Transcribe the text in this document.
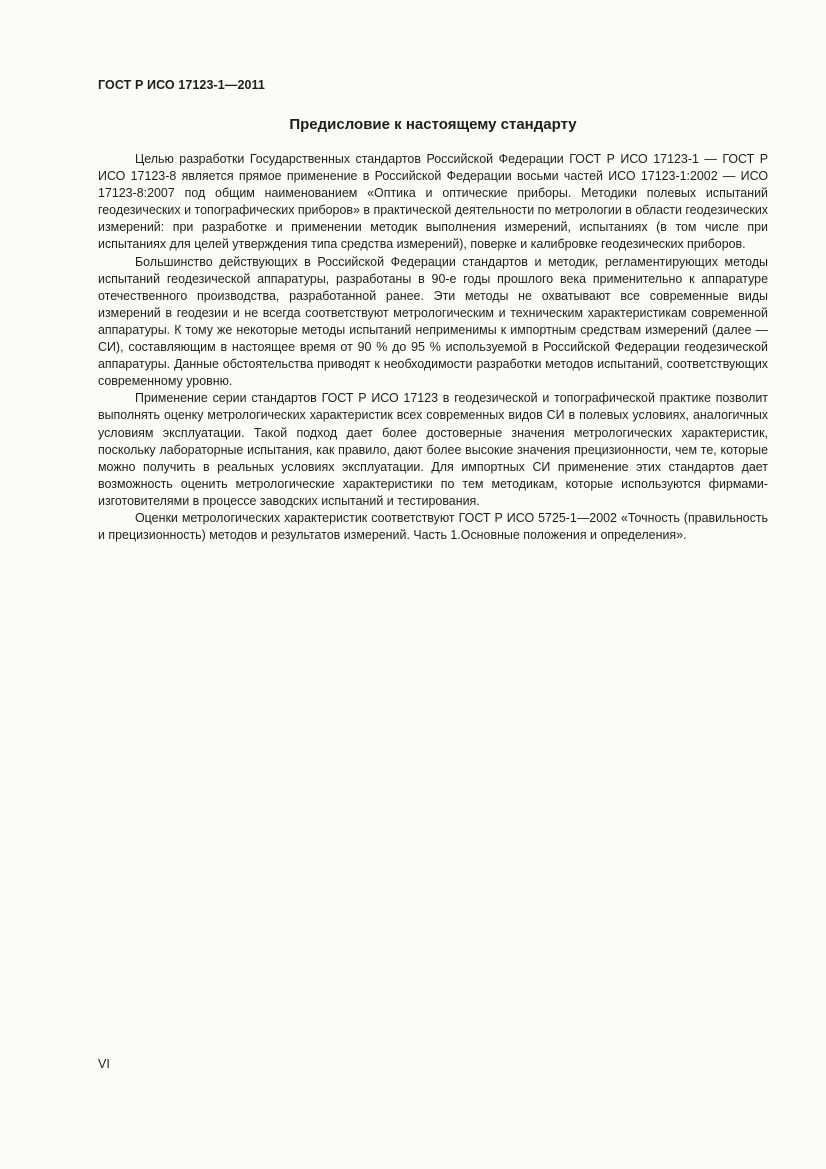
ГОСТ Р ИСО 17123-1—2011
Предисловие к настоящему стандарту

Целью разработки Государственных стандартов Российской Федерации ГОСТ Р ИСО 17123-1 — ГОСТ Р ИСО 17123-8 является прямое применение в Российской Федерации восьми частей ИСО 17123-1:2002 — ИСО 17123-8:2007 под общим наименованием «Оптика и оптические приборы. Методики полевых испытаний геодезических и топографических приборов» в практической деятельности по метрологии в области геодезических измерений: при разработке и применении методик выполнения измерений, испытаниях (в том числе при испытаниях для целей утверждения типа средства измерений), поверке и калибровке геодезических приборов.

Большинство действующих в Российской Федерации стандартов и методик, регламентирующих методы испытаний геодезической аппаратуры, разработаны в 90-е годы прошлого века применительно к аппаратуре отечественного производства, разработанной ранее. Эти методы не охватывают все современные виды измерений в геодезии и не всегда соответствуют метрологическим и техническим характеристикам современной аппаратуры. К тому же некоторые методы испытаний неприменимы к импортным средствам измерений (далее — СИ), составляющим в настоящее время от 90 % до 95 % используемой в Российской Федерации геодезической аппаратуры. Данные обстоятельства приводят к необходимости разработки методов испытаний, соответствующих современному уровню.

Применение серии стандартов ГОСТ Р ИСО 17123 в геодезической и топографической практике позволит выполнять оценку метрологических характеристик всех современных видов СИ в полевых условиях, аналогичных условиям эксплуатации. Такой подход дает более достоверные значения метрологических характеристик, поскольку лабораторные испытания, как правило, дают более высокие значения прецизионности, чем те, которые можно получить в реальных условиях эксплуатации. Для импортных СИ применение этих стандартов дает возможность оценить метрологические характеристики по тем методикам, которые используются фирмами-изготовителями в процессе заводских испытаний и тестирования.

Оценки метрологических характеристик соответствуют ГОСТ Р ИСО 5725-1—2002 «Точность (правильность и прецизионность) методов и результатов измерений. Часть 1.Основные положения и определения».

VI
